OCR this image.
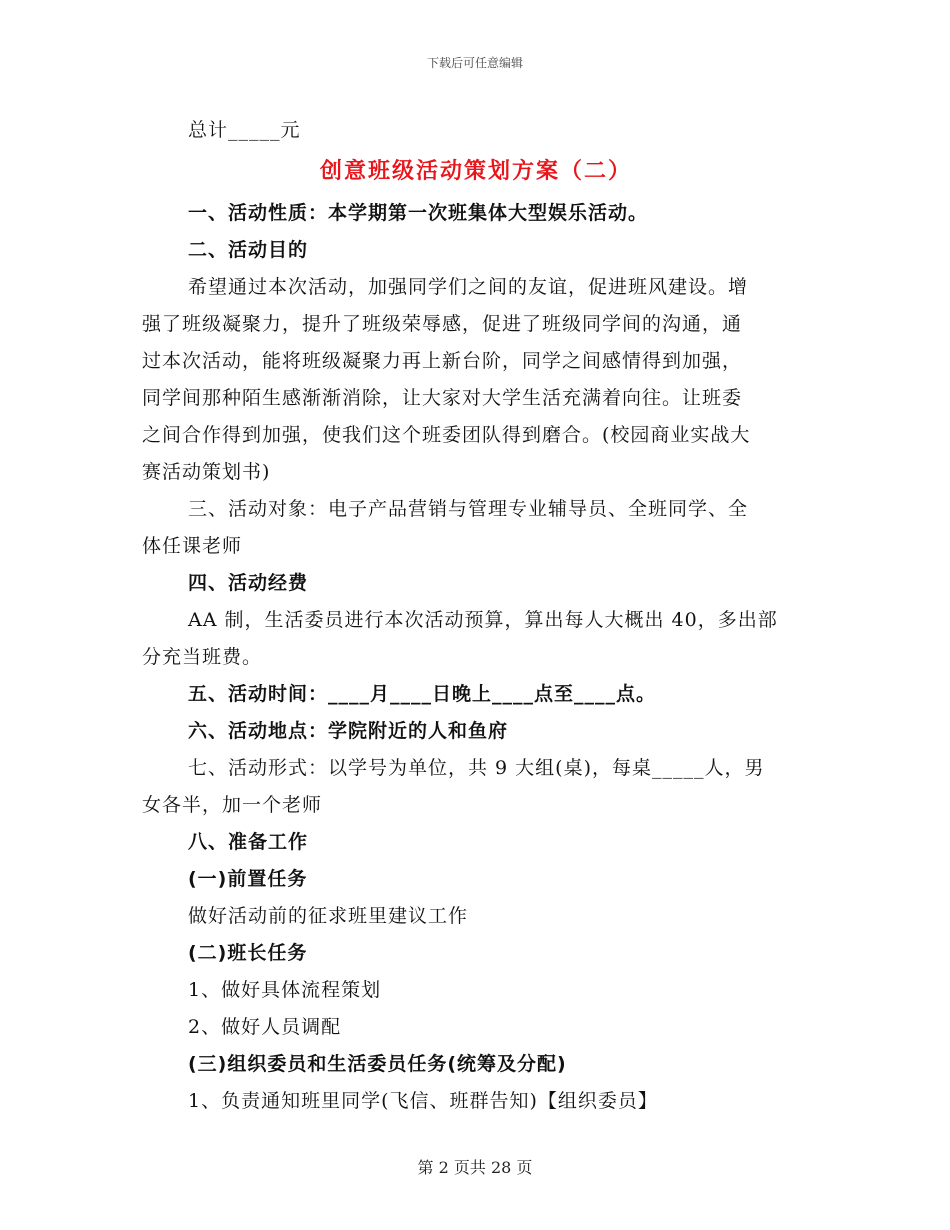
下载后可任意编辑
总计_____元
创意班级活动策划方案（二）
一、活动性质：本学期第一次班集体大型娱乐活动。
二、活动目的
希望通过本次活动，加强同学们之间的友谊，促进班风建设。增
强了班级凝聚力，提升了班级荣辱感，促进了班级同学间的沟通，通
过本次活动，能将班级凝聚力再上新台阶，同学之间感情得到加强，
同学间那种陌生感渐渐消除，让大家对大学生活充满着向往。让班委
之间合作得到加强，使我们这个班委团队得到磨合。(校园商业实战大
赛活动策划书)
三、活动对象：电子产品营销与管理专业辅导员、全班同学、全
体任课老师
四、活动经费
AA 制，生活委员进行本次活动预算，算出每人大概出 40，多出部
分充当班费。
五、活动时间：____月____日晚上____点至____点。
六、活动地点：学院附近的人和鱼府
七、活动形式：以学号为单位，共 9 大组(桌)，每桌_____人，男
女各半，加一个老师
八、准备工作
(一)前置任务
做好活动前的征求班里建议工作
(二)班长任务
1、做好具体流程策划
2、做好人员调配
(三)组织委员和生活委员任务(统筹及分配)
1、负责通知班里同学(飞信、班群告知)【组织委员】
第 2 页共 28 页
